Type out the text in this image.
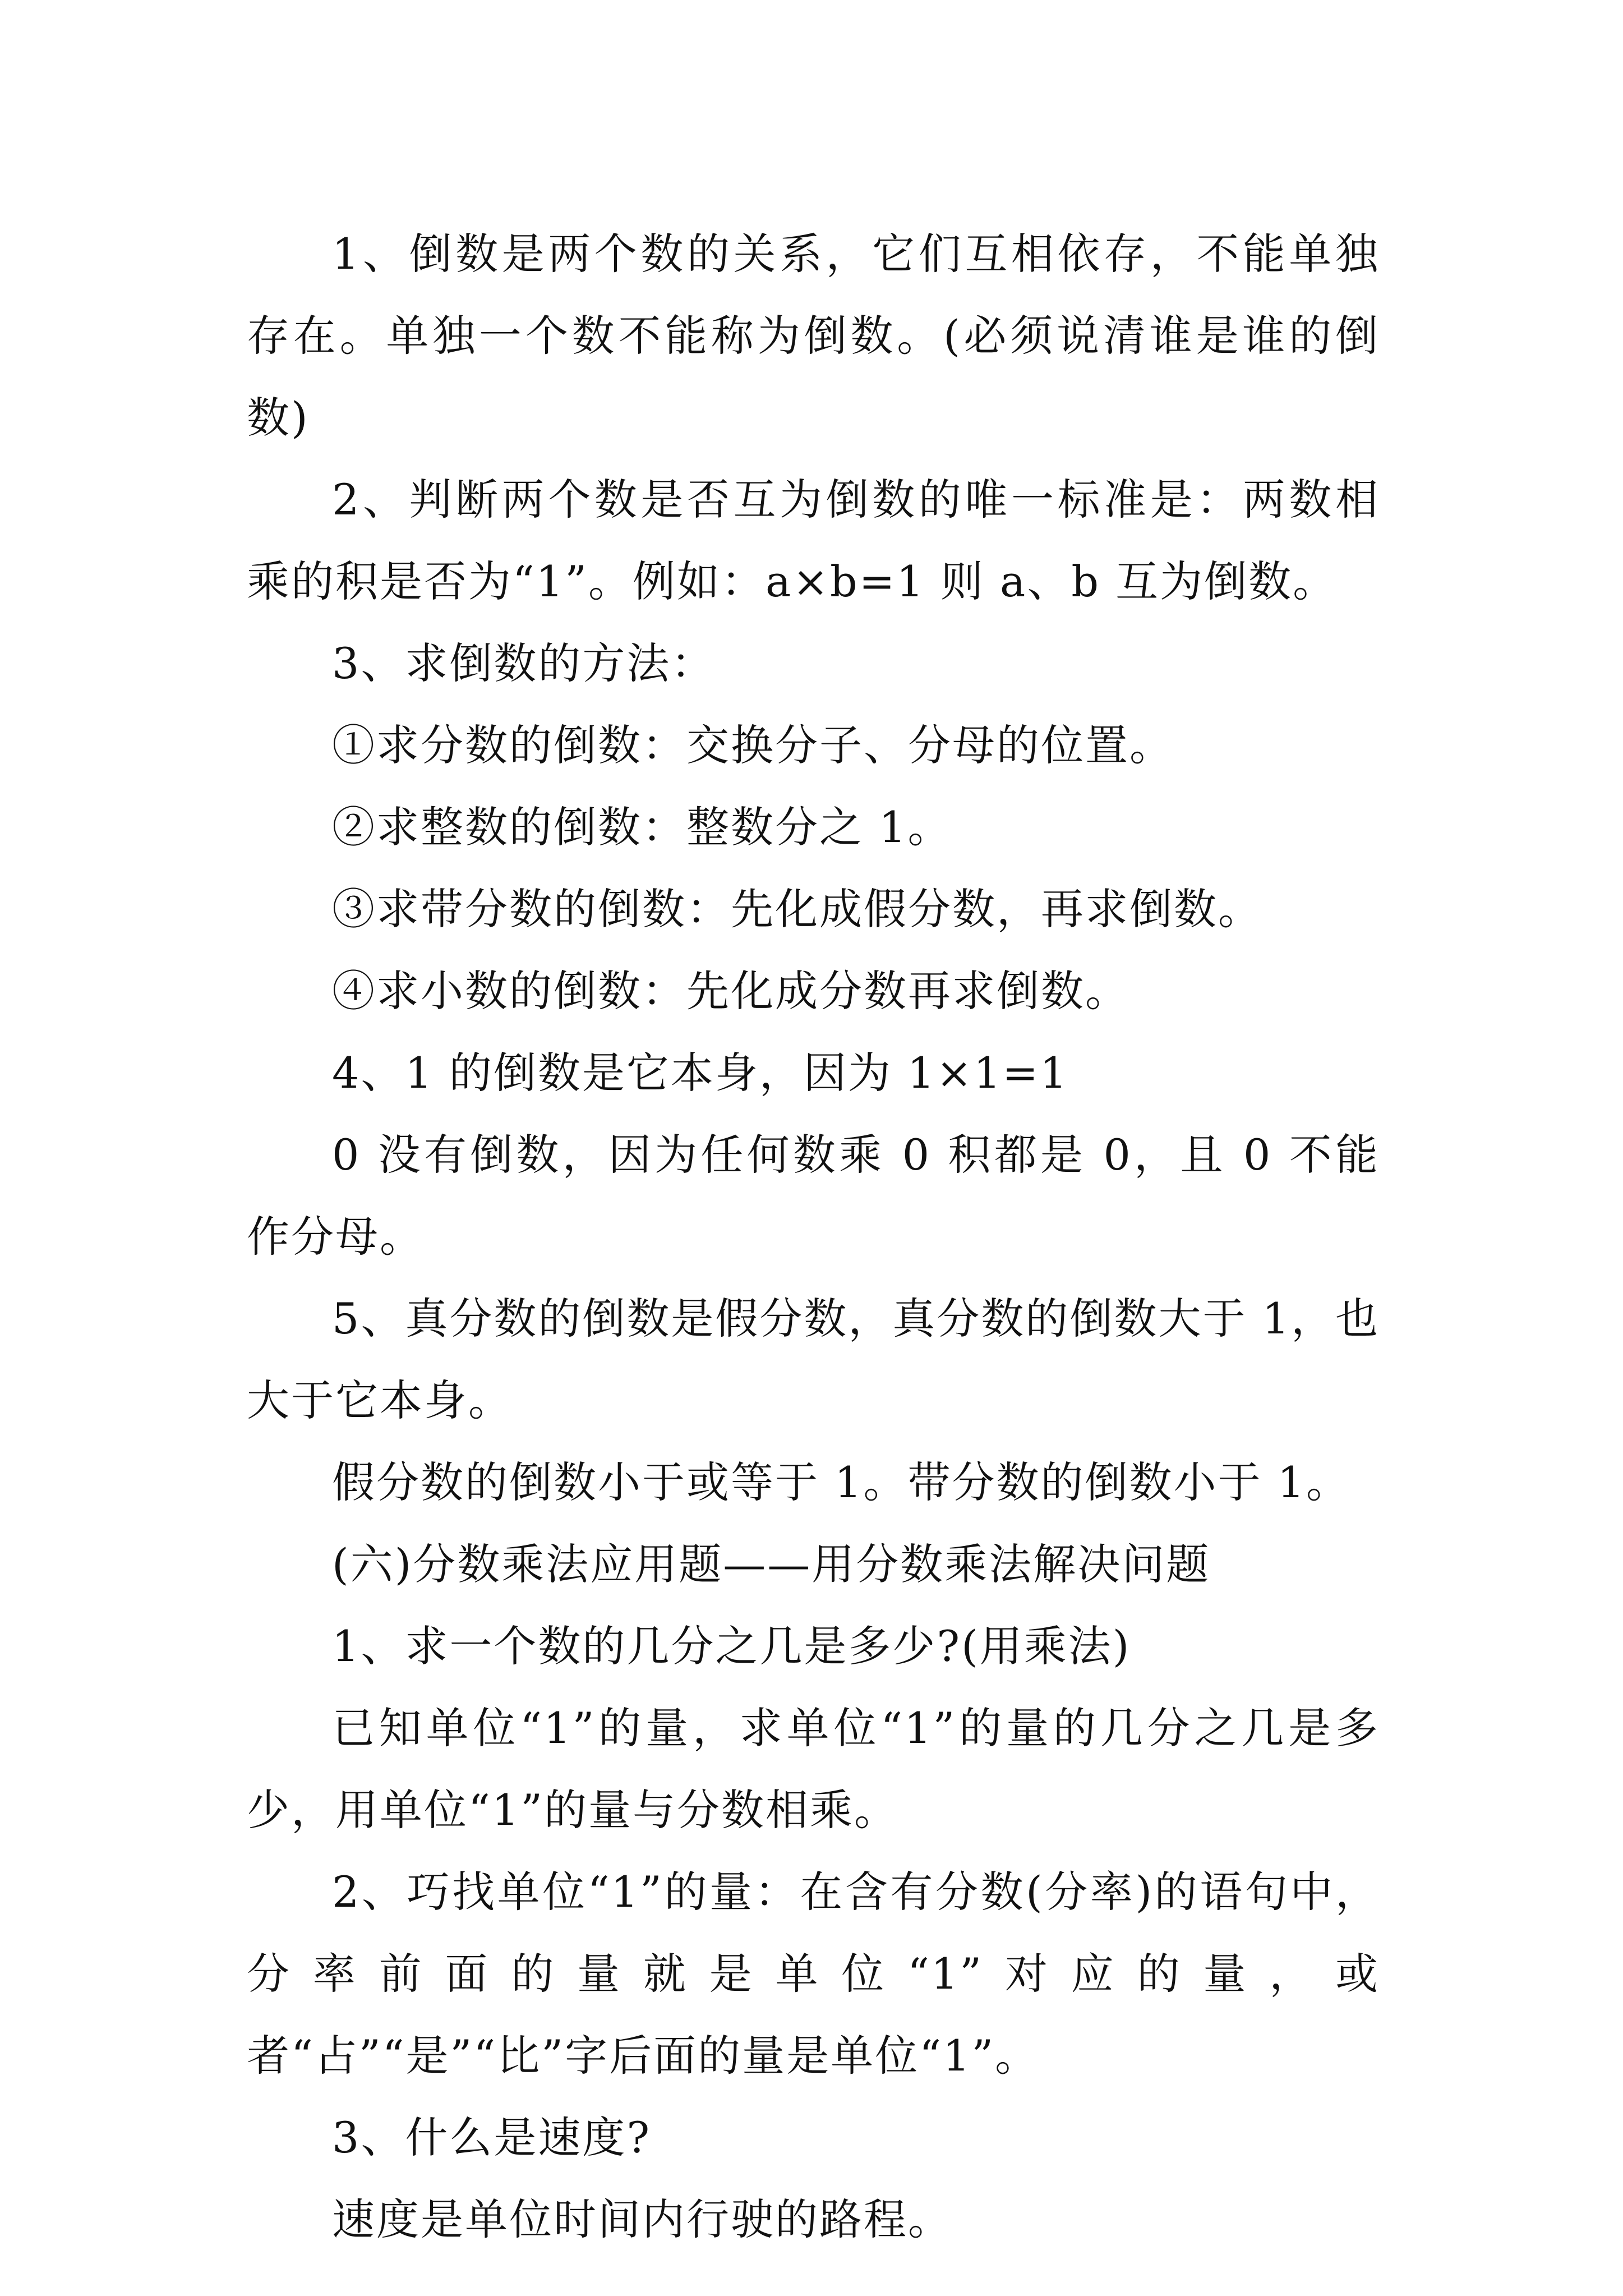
1、倒数是两个数的关系，它们互相依存，不能单独存在。单独一个数不能称为倒数。(必须说清谁是谁的倒数)

2、判断两个数是否互为倒数的唯一标准是：两数相乘的积是否为“1”。例如：a×b=1 则 a、b 互为倒数。

3、求倒数的方法：

①求分数的倒数：交换分子、分母的位置。

②求整数的倒数：整数分之 1。

③求带分数的倒数：先化成假分数，再求倒数。

④求小数的倒数：先化成分数再求倒数。

4、1 的倒数是它本身，因为 1×1=1

0 没有倒数，因为任何数乘 0 积都是 0，且 0 不能作分母。

5、真分数的倒数是假分数，真分数的倒数大于 1，也大于它本身。

假分数的倒数小于或等于 1。带分数的倒数小于 1。

(六)分数乘法应用题——用分数乘法解决问题

1、求一个数的几分之几是多少?(用乘法)

已知单位“1”的量，求单位“1”的量的几分之几是多少，用单位“1”的量与分数相乘。

2、巧找单位“1”的量：在含有分数(分率)的语句中，分率前面的量就是单位“1”对应的量，或者“占”“是”“比”字后面的量是单位“1”。

3、什么是速度?

速度是单位时间内行驶的路程。
